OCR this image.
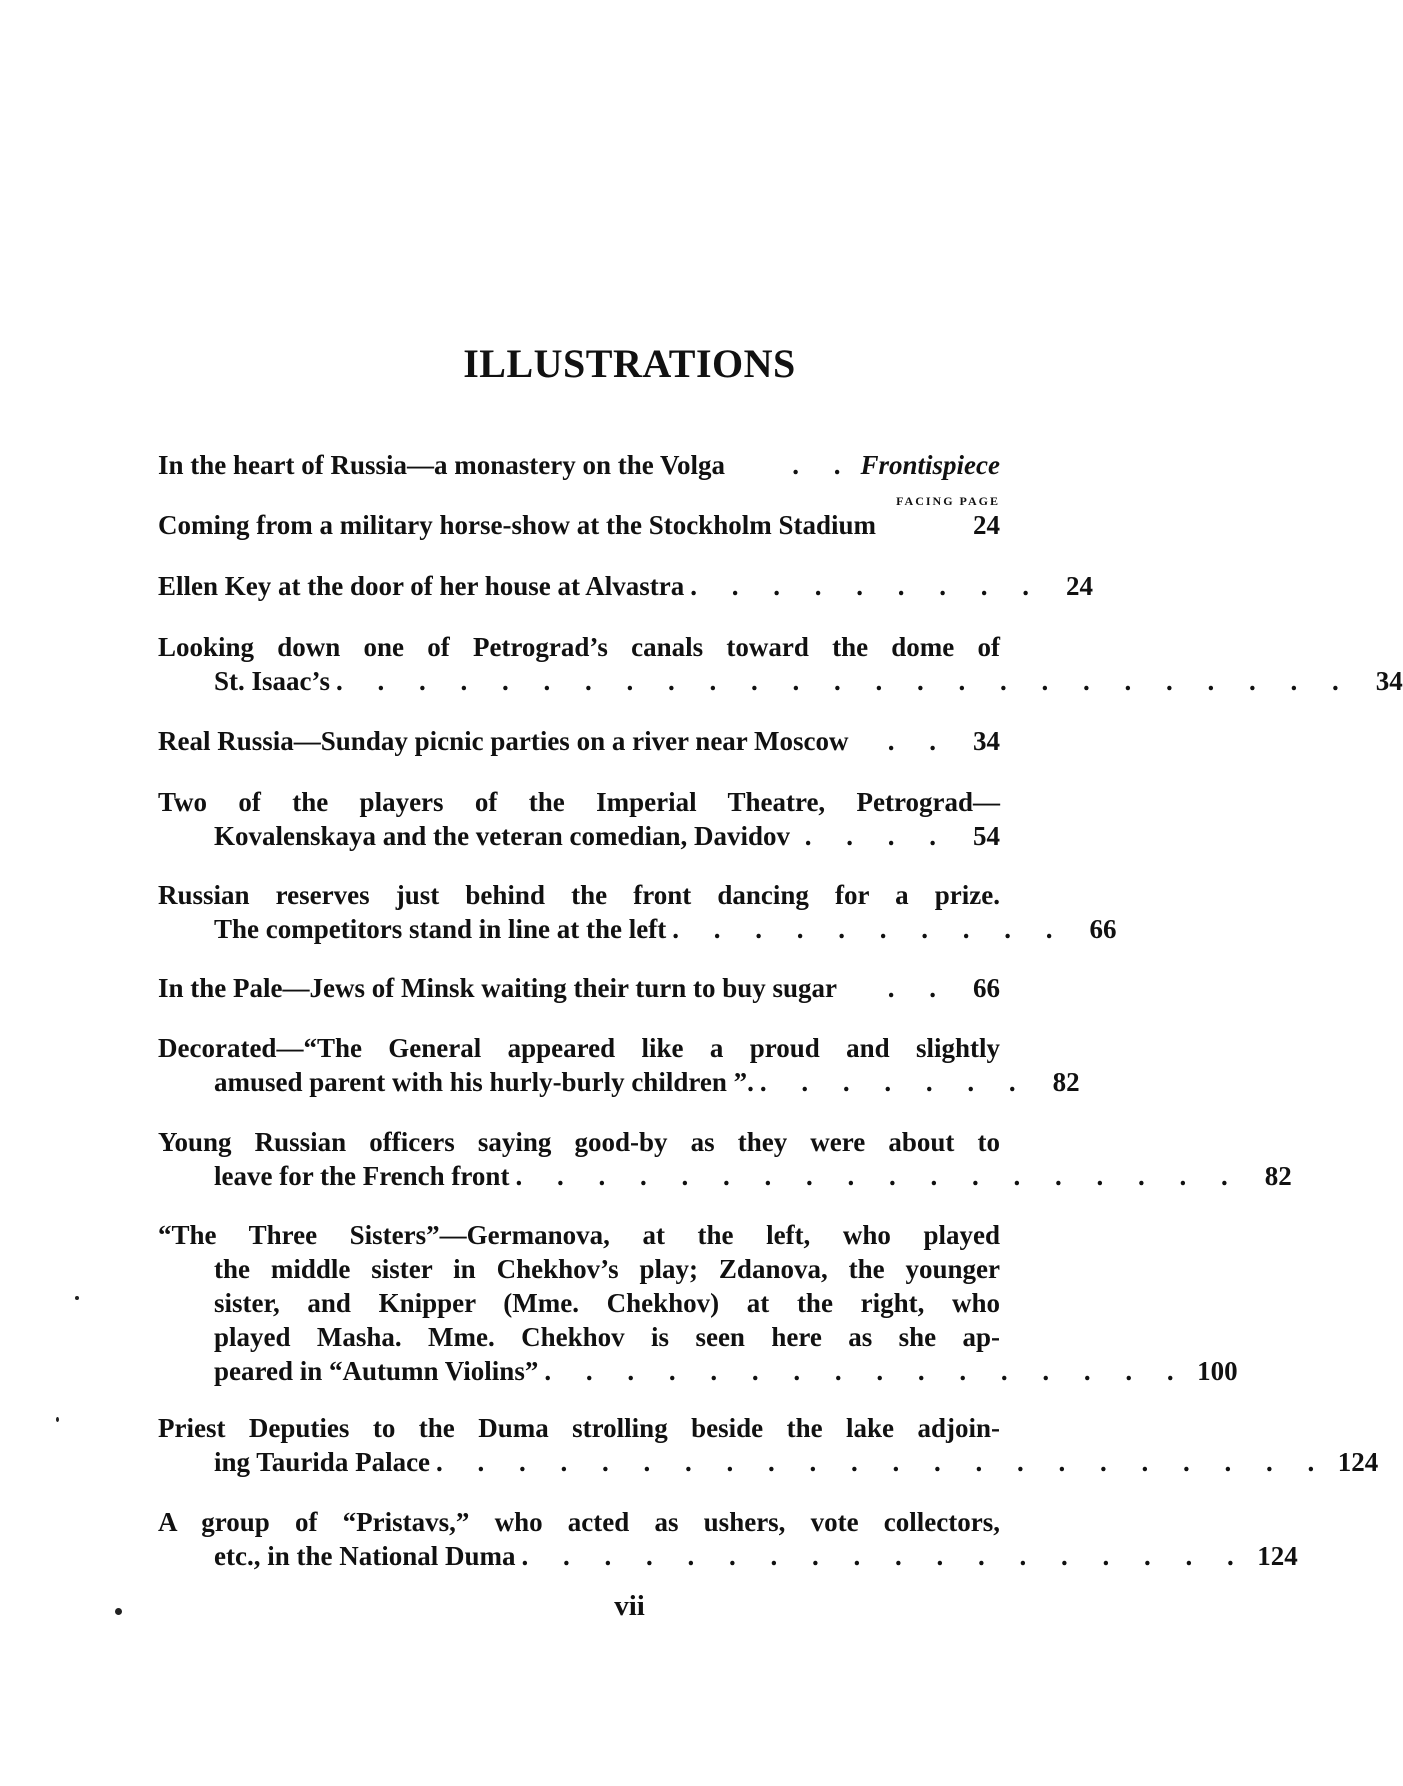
ILLUSTRATIONS
In the heart of Russia—a monastery on the Volga	. . Frontispiece
FACING PAGE
Coming from a military horse-show at the Stockholm Stadium	24
Ellen Key at the door of her house at Alvastra . . . . . . . . . 24
Looking down one of Petrograd’s canals toward the dome of
St. Isaac’s . . . . . . . . . . . . . . . . . . . . . . . . . 34
Real Russia—Sunday picnic parties on a river near Moscow	. . 34
Two of the players of the Imperial Theatre, Petrograd—
Kovalenskaya and the veteran comedian, Davidov . . . . 54
Russian reserves just behind the front dancing for a prize.
The competitors stand in line at the left . . . . . . . . . . 66
In the Pale—Jews of Minsk waiting their turn to buy sugar	. . 66
Decorated—“The General appeared like a proud and slightly
amused parent with his hurly-burly children ”. . . . . . . . 82
Young Russian officers saying good-by as they were about to
leave for the French front . . . . . . . . . . . . . . . . . . 82
“The Three Sisters”—Germanova, at the left, who played
the middle sister in Chekhov’s play; Zdanova, the younger
sister, and Knipper (Mme. Chekhov) at the right, who
played Masha. Mme. Chekhov is seen here as she ap-
peared in “Autumn Violins” . . . . . . . . . . . . . . . . 100
Priest Deputies to the Duma strolling beside the lake adjoin-
ing Taurida Palace . . . . . . . . . . . . . . . . . . . . . . 124
A group of “Pristavs,” who acted as ushers, vote collectors,
etc., in the National Duma . . . . . . . . . . . . . . . . . . 124
vii
